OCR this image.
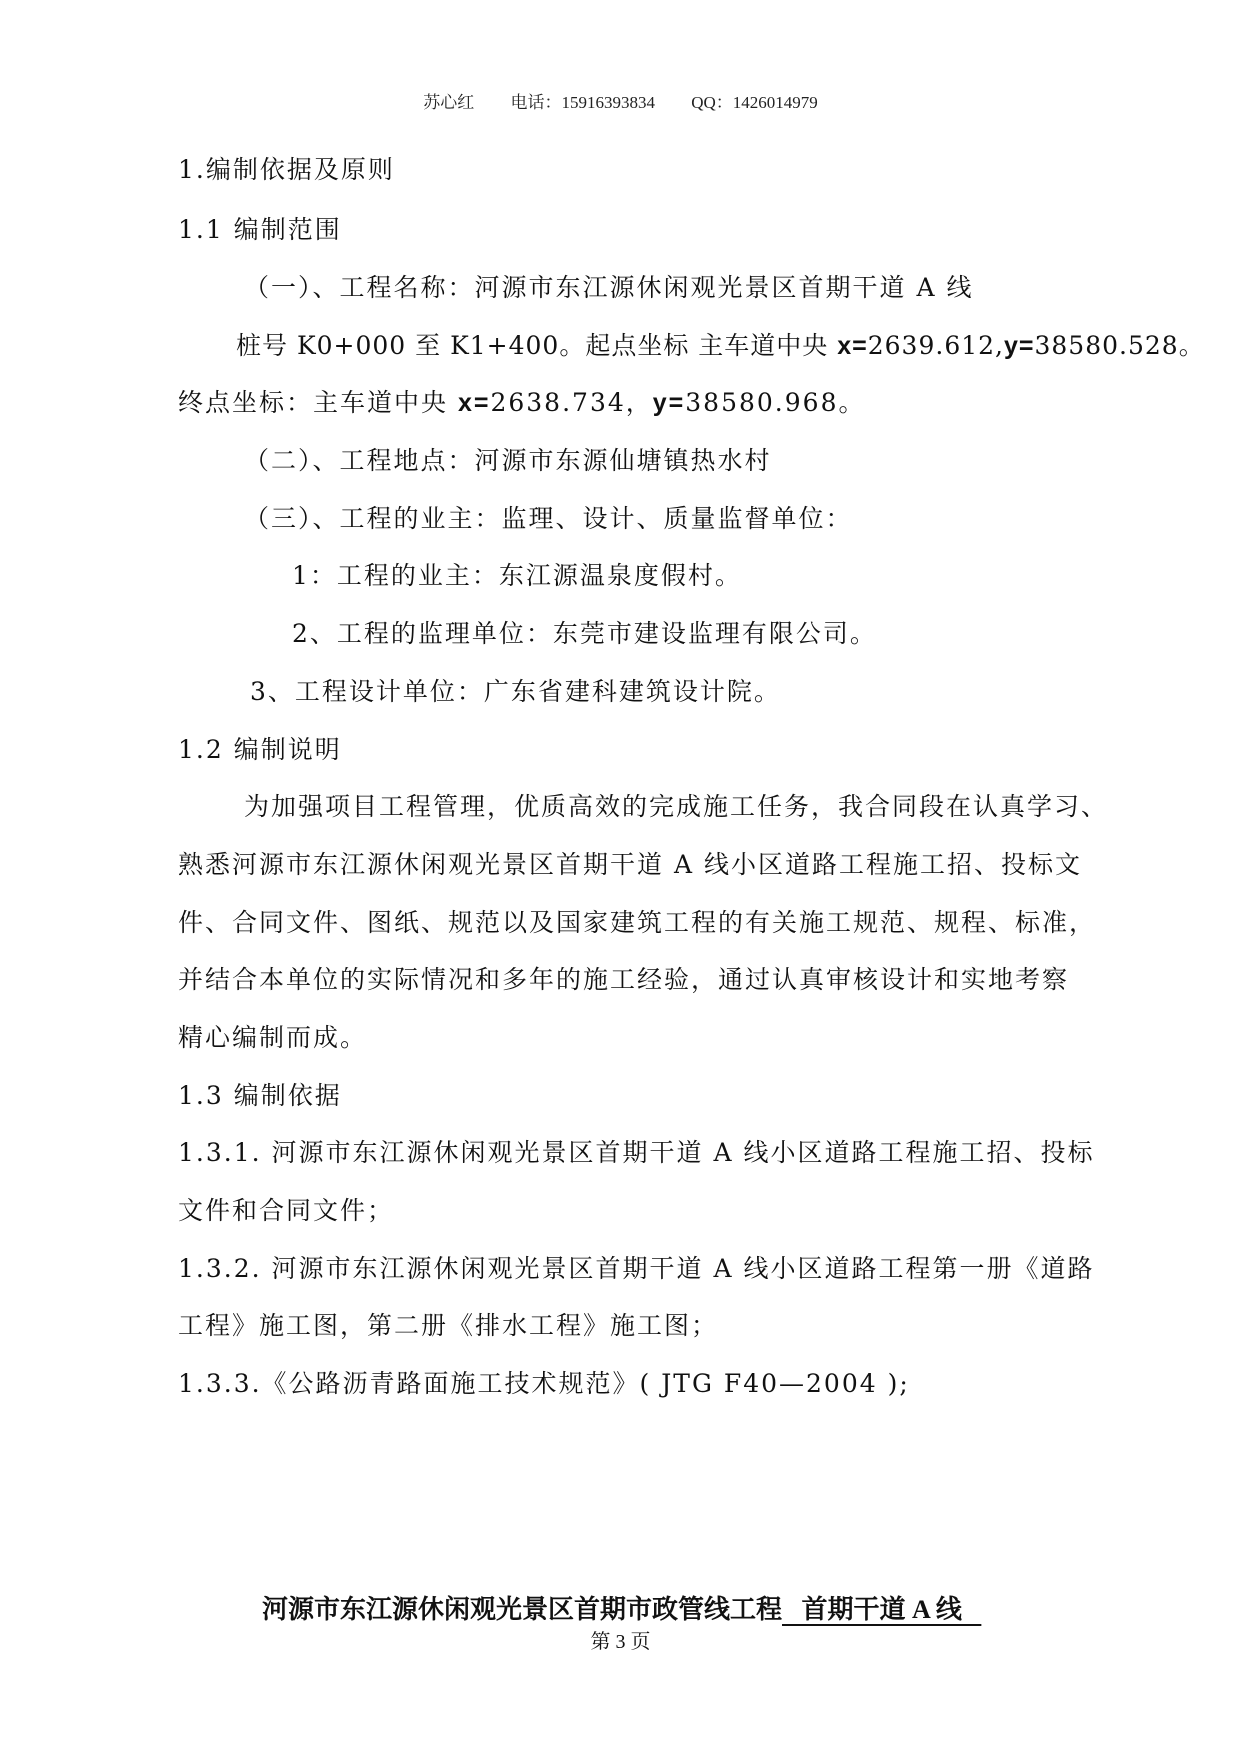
苏心红 电话：15916393834 QQ：1426014979
1.编制依据及原则
1.1 编制范围
（一）、工程名称：河源市东江源休闲观光景区首期干道 A 线
桩号 K0+000 至 K1+400。起点坐标 主车道中央 x=2639.612,y=38580.528。
终点坐标：主车道中央 x=2638.734，y=38580.968。
（二）、工程地点：河源市东源仙塘镇热水村
（三）、工程的业主：监理、设计、质量监督单位：
1：工程的业主：东江源温泉度假村。
2、工程的监理单位：东莞市建设监理有限公司。
3、工程设计单位：广东省建科建筑设计院。
1.2 编制说明
为加强项目工程管理，优质高效的完成施工任务，我合同段在认真学习、
熟悉河源市东江源休闲观光景区首期干道 A 线小区道路工程施工招、投标文
件、合同文件、图纸、规范以及国家建筑工程的有关施工规范、规程、标准，
并结合本单位的实际情况和多年的施工经验，通过认真审核设计和实地考察
精心编制而成。
1.3 编制依据
1.3.1. 河源市东江源休闲观光景区首期干道 A 线小区道路工程施工招、投标
文件和合同文件；
1.3.2. 河源市东江源休闲观光景区首期干道 A 线小区道路工程第一册《道路
工程》施工图，第二册《排水工程》施工图；
1.3.3.《公路沥青路面施工技术规范》( JTG F40—2004 );
河源市东江源休闲观光景区首期市政管线工程   首期干道 A 线
第 3 页
